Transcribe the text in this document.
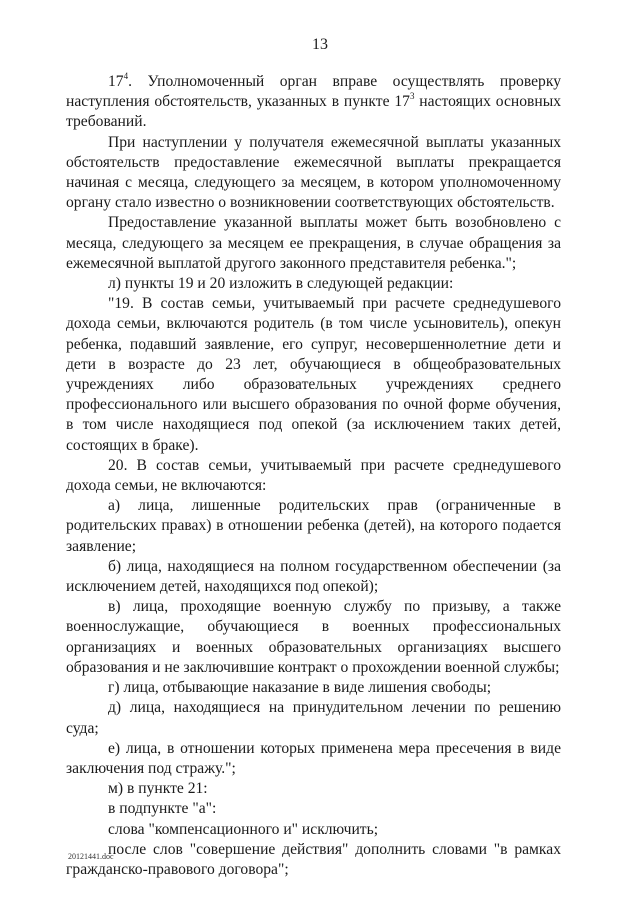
13

$17^4$. Уполномоченный орган вправе осуществлять проверку наступления обстоятельств, указанных в пункте $17^3$ настоящих основных требований.

При наступлении у получателя ежемесячной выплаты указанных обстоятельств предоставление ежемесячной выплаты прекращается начиная с месяца, следующего за месяцем, в котором уполномоченному органу стало известно о возникновении соответствующих обстоятельств.

Предоставление указанной выплаты может быть возобновлено с месяца, следующего за месяцем ее прекращения, в случае обращения за ежемесячной выплатой другого законного представителя ребенка.";

л) пункты 19 и 20 изложить в следующей редакции:

"19. В состав семьи, учитываемый при расчете среднедушевого дохода семьи, включаются родитель (в том числе усыновитель), опекун ребенка, подавший заявление, его супруг, несовершеннолетние дети и дети в возрасте до 23 лет, обучающиеся в общеобразовательных учреждениях либо образовательных учреждениях среднего профессионального или высшего образования по очной форме обучения, в том числе находящиеся под опекой (за исключением таких детей, состоящих в браке).

20. В состав семьи, учитываемый при расчете среднедушевого дохода семьи, не включаются:

а) лица, лишенные родительских прав (ограниченные в родительских правах) в отношении ребенка (детей), на которого подается заявление;

б) лица, находящиеся на полном государственном обеспечении (за исключением детей, находящихся под опекой);

в) лица, проходящие военную службу по призыву, а также военнослужащие, обучающиеся в военных профессиональных организациях и военных образовательных организациях высшего образования и не заключившие контракт о прохождении военной службы;

г) лица, отбывающие наказание в виде лишения свободы;

д) лица, находящиеся на принудительном лечении по решению суда;

е) лица, в отношении которых применена мера пресечения в виде заключения под стражу.";

м) в пункте 21:

в подпункте "а":

слова "компенсационного и" исключить;

после слов "совершение действия" дополнить словами "в рамках гражданско-правового договора";

20121441.doc
